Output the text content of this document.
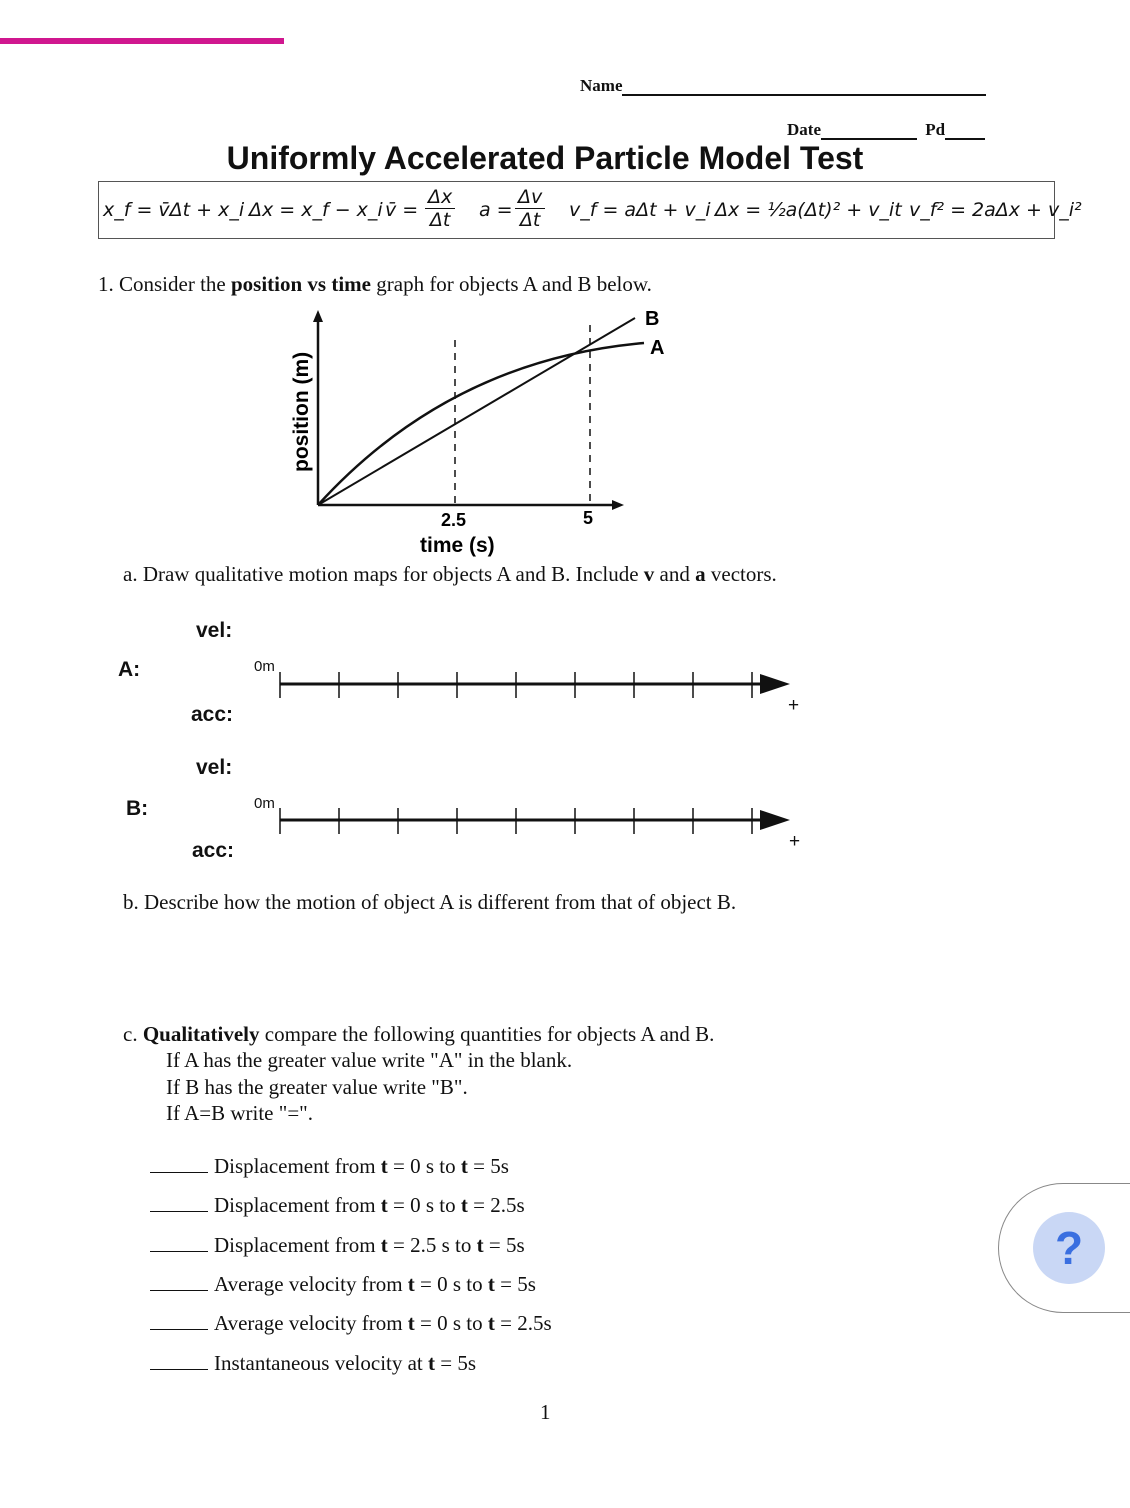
Name
Date	Pd
Uniformly Accelerated Particle Model Test
x_f = v̄Δt + x_i Δx = x_f − x_i v̄ = $\frac{\Delta x}{\Delta t}$ $a = \frac{\Delta v}{\Delta t}$ v_f = aΔt + v_i Δx = ½a(Δt)² + v_it v_f² = 2aΔx + v_i²
1. Consider the position vs time graph for objects A and B below.
B
A
2.5	5
time (s)
position (m)
a. Draw qualitative motion maps for objects A and B. Include v and a vectors.
vel:
A:
acc:
0m
+
vel:
B:
acc:
0m
+
b. Describe how the motion of object A is different from that of object B.
c. Qualitatively compare the following quantities for objects A and B.
If A has the greater value write "A" in the blank.
If B has the greater value write "B".
If A=B write "=".
Displacement from t = 0 s to t = 5s
Displacement from t = 0 s to t = 2.5s
Displacement from t = 2.5 s to t = 5s
Average velocity from t = 0 s to t = 5s
Average velocity from t = 0 s to t = 2.5s
Instantaneous velocity at t = 5s
1
?
